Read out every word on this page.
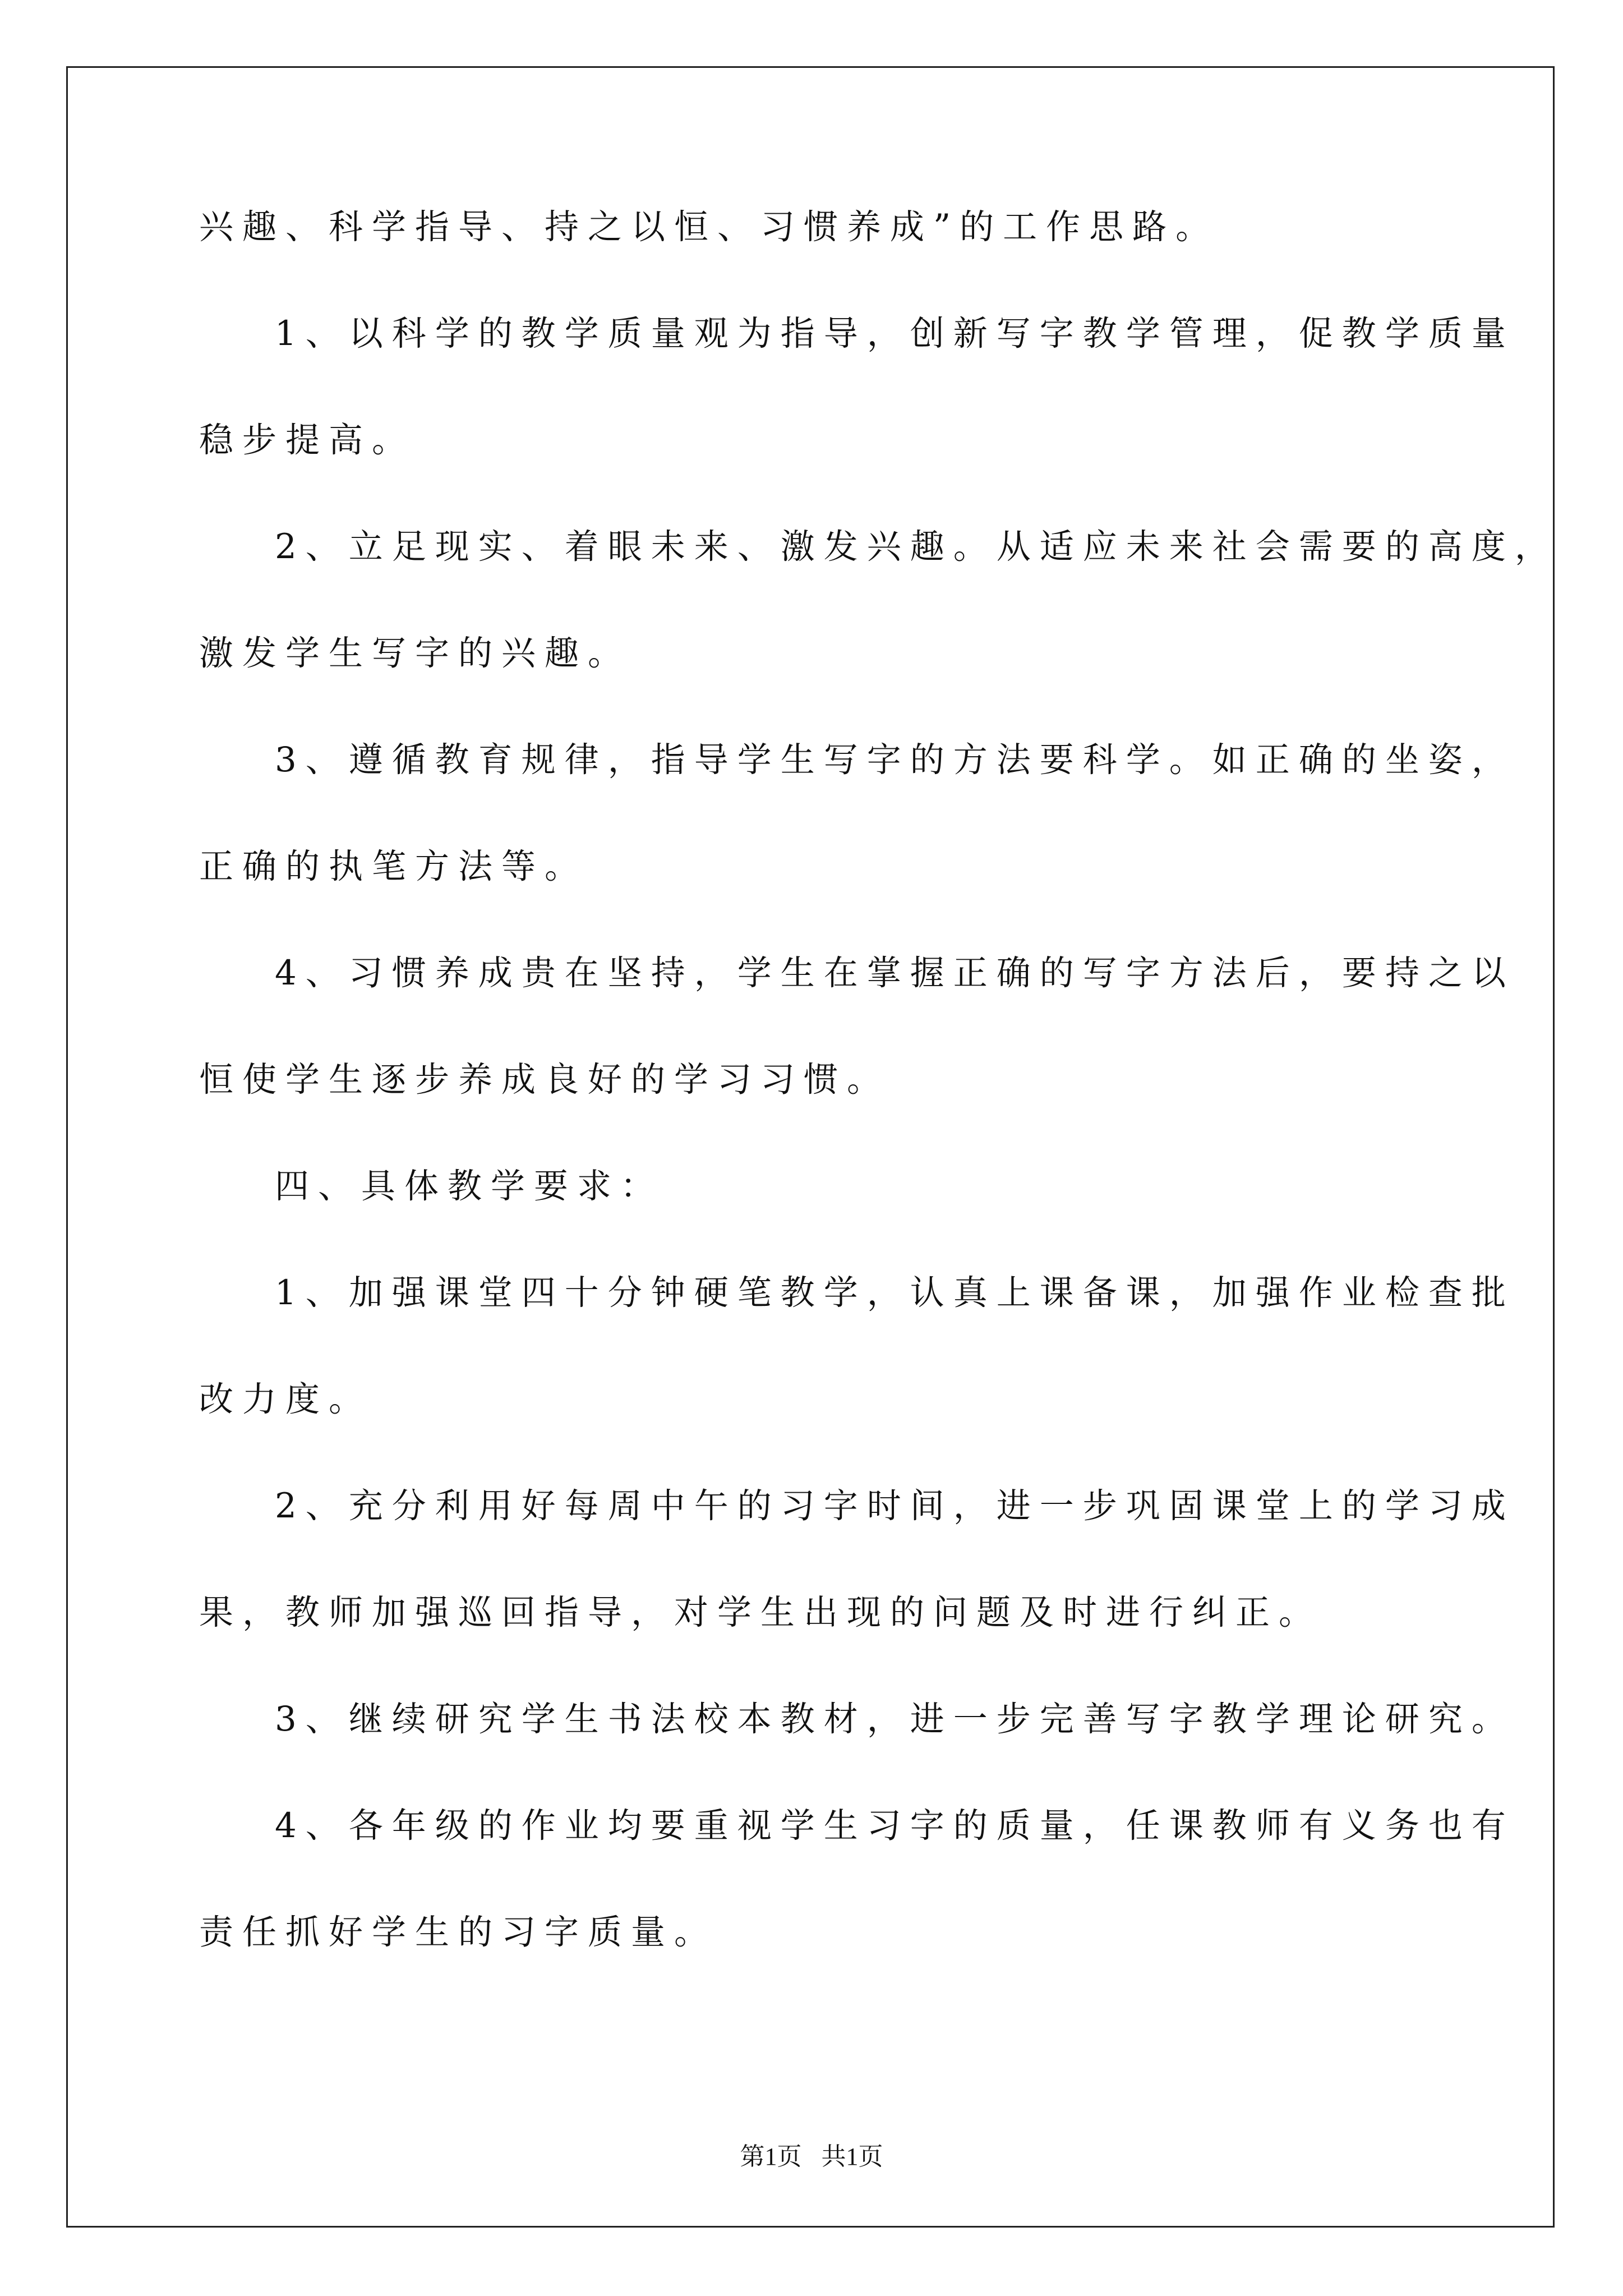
兴趣、科学指导、持之以恒、习惯养成”的工作思路。
1、以科学的教学质量观为指导，创新写字教学管理，促教学质量
稳步提高。
2、立足现实、着眼未来、激发兴趣。从适应未来社会需要的高度，
激发学生写字的兴趣。
3、遵循教育规律，指导学生写字的方法要科学。如正确的坐姿，
正确的执笔方法等。
4、习惯养成贵在坚持，学生在掌握正确的写字方法后，要持之以
恒使学生逐步养成良好的学习习惯。
四、具体教学要求：
1、加强课堂四十分钟硬笔教学，认真上课备课，加强作业检查批
改力度。
2、充分利用好每周中午的习字时间，进一步巩固课堂上的学习成
果，教师加强巡回指导，对学生出现的问题及时进行纠正。
3、继续研究学生书法校本教材，进一步完善写字教学理论研究。
4、各年级的作业均要重视学生习字的质量，任课教师有义务也有
责任抓好学生的习字质量。
第1页 共1页
